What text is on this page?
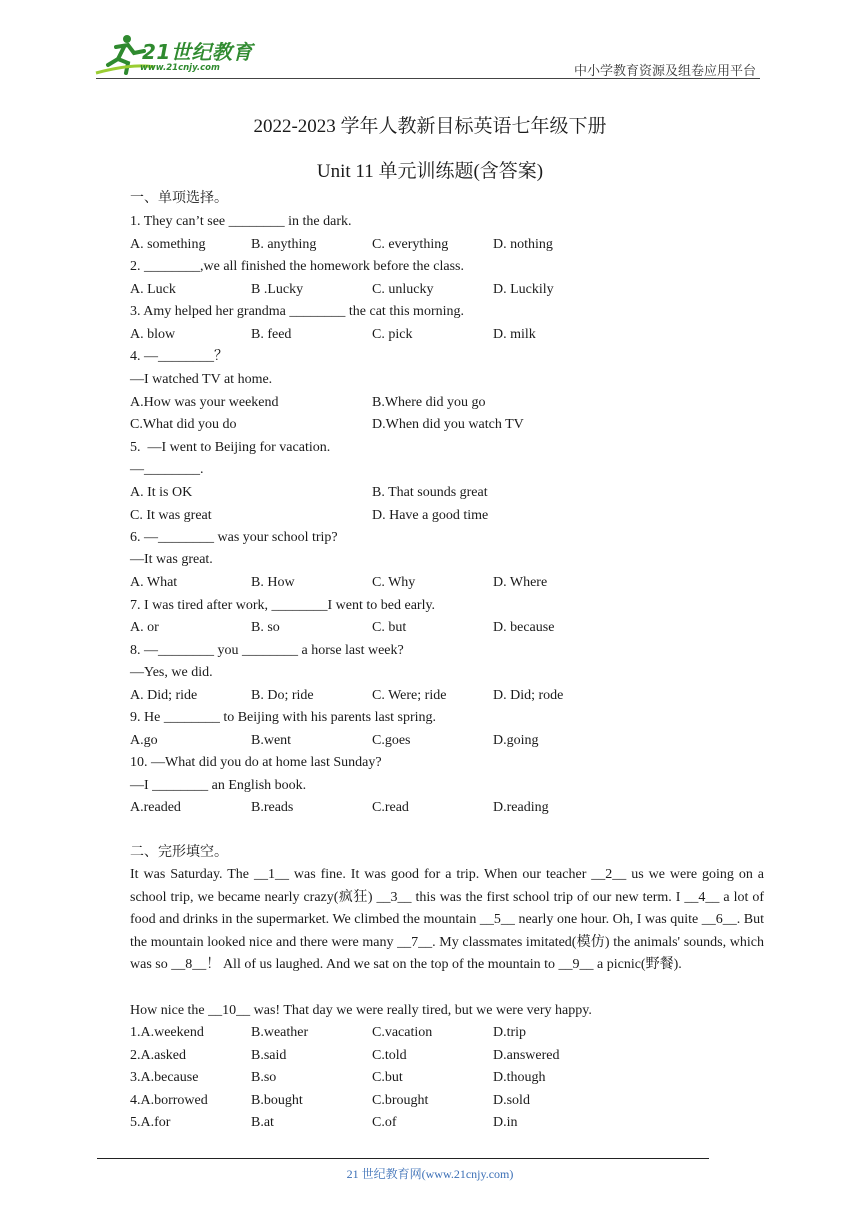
21世纪教育
www.21cnjy.com	中小学教育资源及组卷应用平台
2022-2023 学年人教新目标英语七年级下册
Unit 11 单元训练题(含答案)
一、单项选择。
1. They can’t see ________ in the dark.
A. something	B. anything	C. everything	D. nothing
2. ________,we all finished the homework before the class.
A. Luck	B .Lucky	C. unlucky	D. Luckily
3. Amy helped her grandma ________ the cat this morning.
A. blow	B. feed	C. pick	D. milk
4. —________？
—I watched TV at home.
A.How was your weekend	B.Where did you go
C.What did you do	D.When did you watch TV
5.  —I went to Beijing for vacation.
—________.
A. It is OK	B. That sounds great
C. It was great	D. Have a good time
6. —________ was your school trip?
—It was great.
A. What	B. How	C. Why	D. Where
7. I was tired after work, ________I went to bed early.
A. or	B. so	C. but	D. because
8. —________ you ________ a horse last week?
—Yes, we did.
A. Did; ride	B. Do; ride	C. Were; ride	D. Did; rode
9. He ________ to Beijing with his parents last spring.
A.go	B.went	C.goes	D.going
10. —What did you do at home last Sunday?
—I ________ an English book.
A.readed	B.reads	C.read	D.reading
二、完形填空。

It was Saturday. The __1__ was fine. It was good for a trip. When our teacher __2__ us we were going on a school trip, we became nearly crazy(疯狂) __3__ this was the first school trip of our new term. I __4__ a lot of food and drinks in the supermarket. We climbed the mountain __5__ nearly one hour. Oh, I was quite __6__. But the mountain looked nice and there were many __7__. My classmates imitated(模仿) the animals' sounds, which was so __8__！ All of us laughed. And we sat on the top of the mountain to __9__ a picnic(野餐).

How nice the __10__ was! That day we were really tired, but we were very happy.
1.A.weekend	B.weather	C.vacation	D.trip
2.A.asked	B.said	C.told	D.answered
3.A.because	B.so	C.but	D.though
4.A.borrowed	B.bought	C.brought	D.sold
5.A.for	B.at	C.of	D.in
21 世纪教育网(www.21cnjy.com)
